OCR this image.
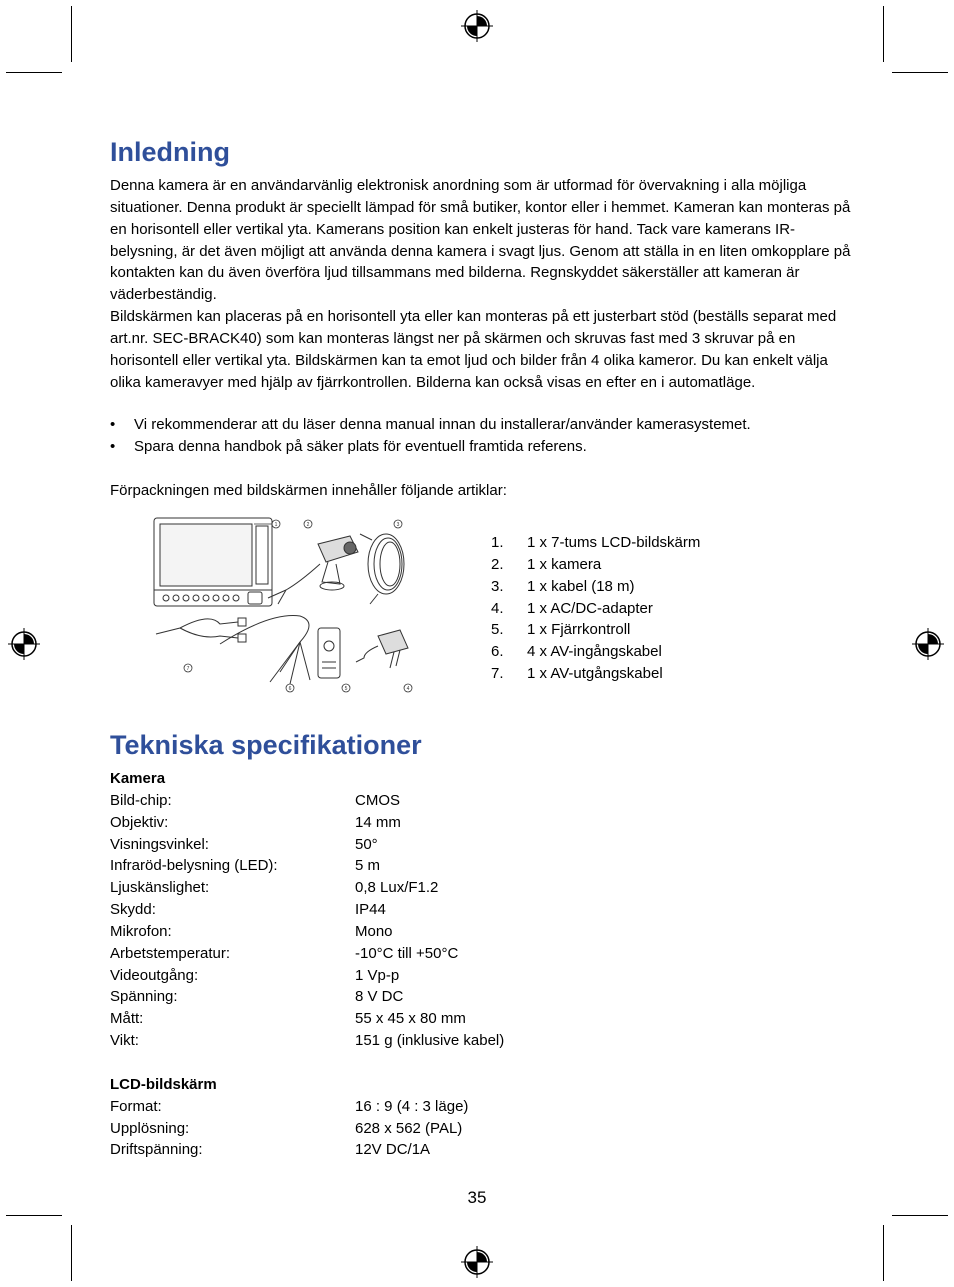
Inledning

Denna kamera är en användarvänlig elektronisk anordning som är utformad för övervakning i alla möjliga situationer. Denna produkt är speciellt lämpad för små butiker, kontor eller i hemmet. Kameran kan monteras på en horisontell eller vertikal yta. Kamerans position kan enkelt justeras för hand. Tack vare kamerans IR-belysning, är det även möjligt att använda denna kamera i svagt ljus. Genom att ställa in en liten omkopplare på kontakten kan du även överföra ljud tillsammans med bilderna. Regnskyddet säkerställer att kameran är väderbeständig.

Bildskärmen kan placeras på en horisontell yta eller kan monteras på ett justerbart stöd (beställs separat med art.nr. SEC-BRACK40) som kan monteras längst ner på skärmen och skruvas fast med 3 skruvar på en horisontell eller vertikal yta. Bildskärmen kan ta emot ljud och bilder från 4 olika kameror. Du kan enkelt välja olika kameravyer med hjälp av fjärrkontrollen. Bilderna kan också visas en efter en i automatläge.

• Vi rekommenderar att du läser denna manual innan du installerar/använder kamerasystemet.
• Spara denna handbok på säker plats för eventuell framtida referens.

Förpackningen med bildskärmen innehåller följande artiklar:

1	2	3
4
5
6
7
1. 1 x 7-tums LCD-bildskärm
2. 1 x kamera
3. 1 x kabel (18 m)
4. 1 x AC/DC-adapter
5. 1 x Fjärrkontroll
6. 4 x AV-ingångskabel
7. 1 x AV-utgångskabel
Tekniska specifikationer
Kamera
Bild-chip:	CMOS
Objektiv:	14 mm
Visningsvinkel:	50°
Infraröd-belysning (LED):	5 m
Ljuskänslighet:	0,8 Lux/F1.2
Skydd:	IP44
Mikrofon:	Mono
Arbetstemperatur:	-10°C till +50°C
Videoutgång:	1 Vp-p
Spänning:	8 V DC
Mått:	55 x 45 x 80 mm
Vikt:	151 g (inklusive kabel)
LCD-bildskärm
Format:	16 : 9 (4 : 3 läge)
Upplösning:	628 x 562 (PAL)
Driftspänning:	12V DC/1A
35
